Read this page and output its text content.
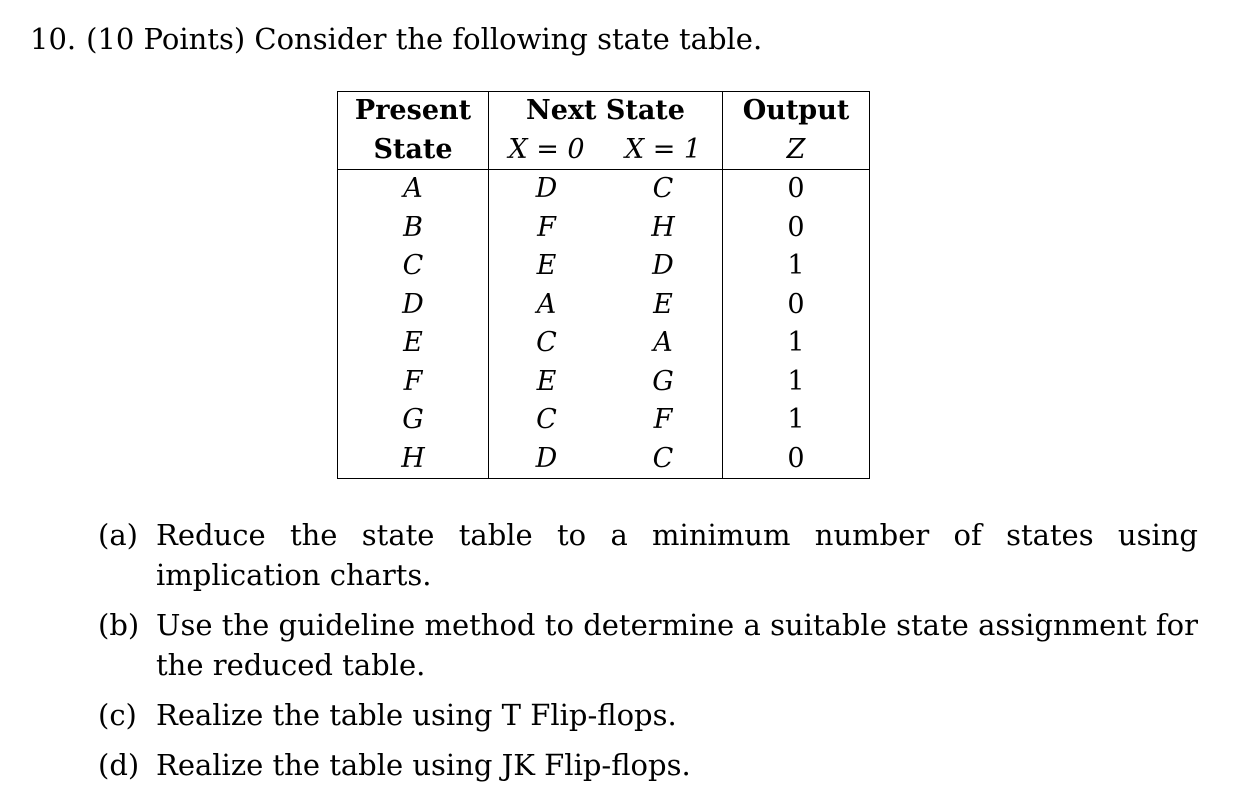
10. (10 Points) Consider the following state table.
Present	Next State		Output
State	X = 0	X = 1	Z
A	D	C	0
B	F	H	0
C	E	D	1
D	A	E	0
E	C	A	1
F	E	G	1
G	C	F	1
H	D	C	0
(a) Reduce the state table to a minimum number of states using implication charts.
(b) Use the guideline method to determine a suitable state assignment for the reduced table.
(c) Realize the table using T Flip-flops.
(d) Realize the table using JK Flip-flops.
